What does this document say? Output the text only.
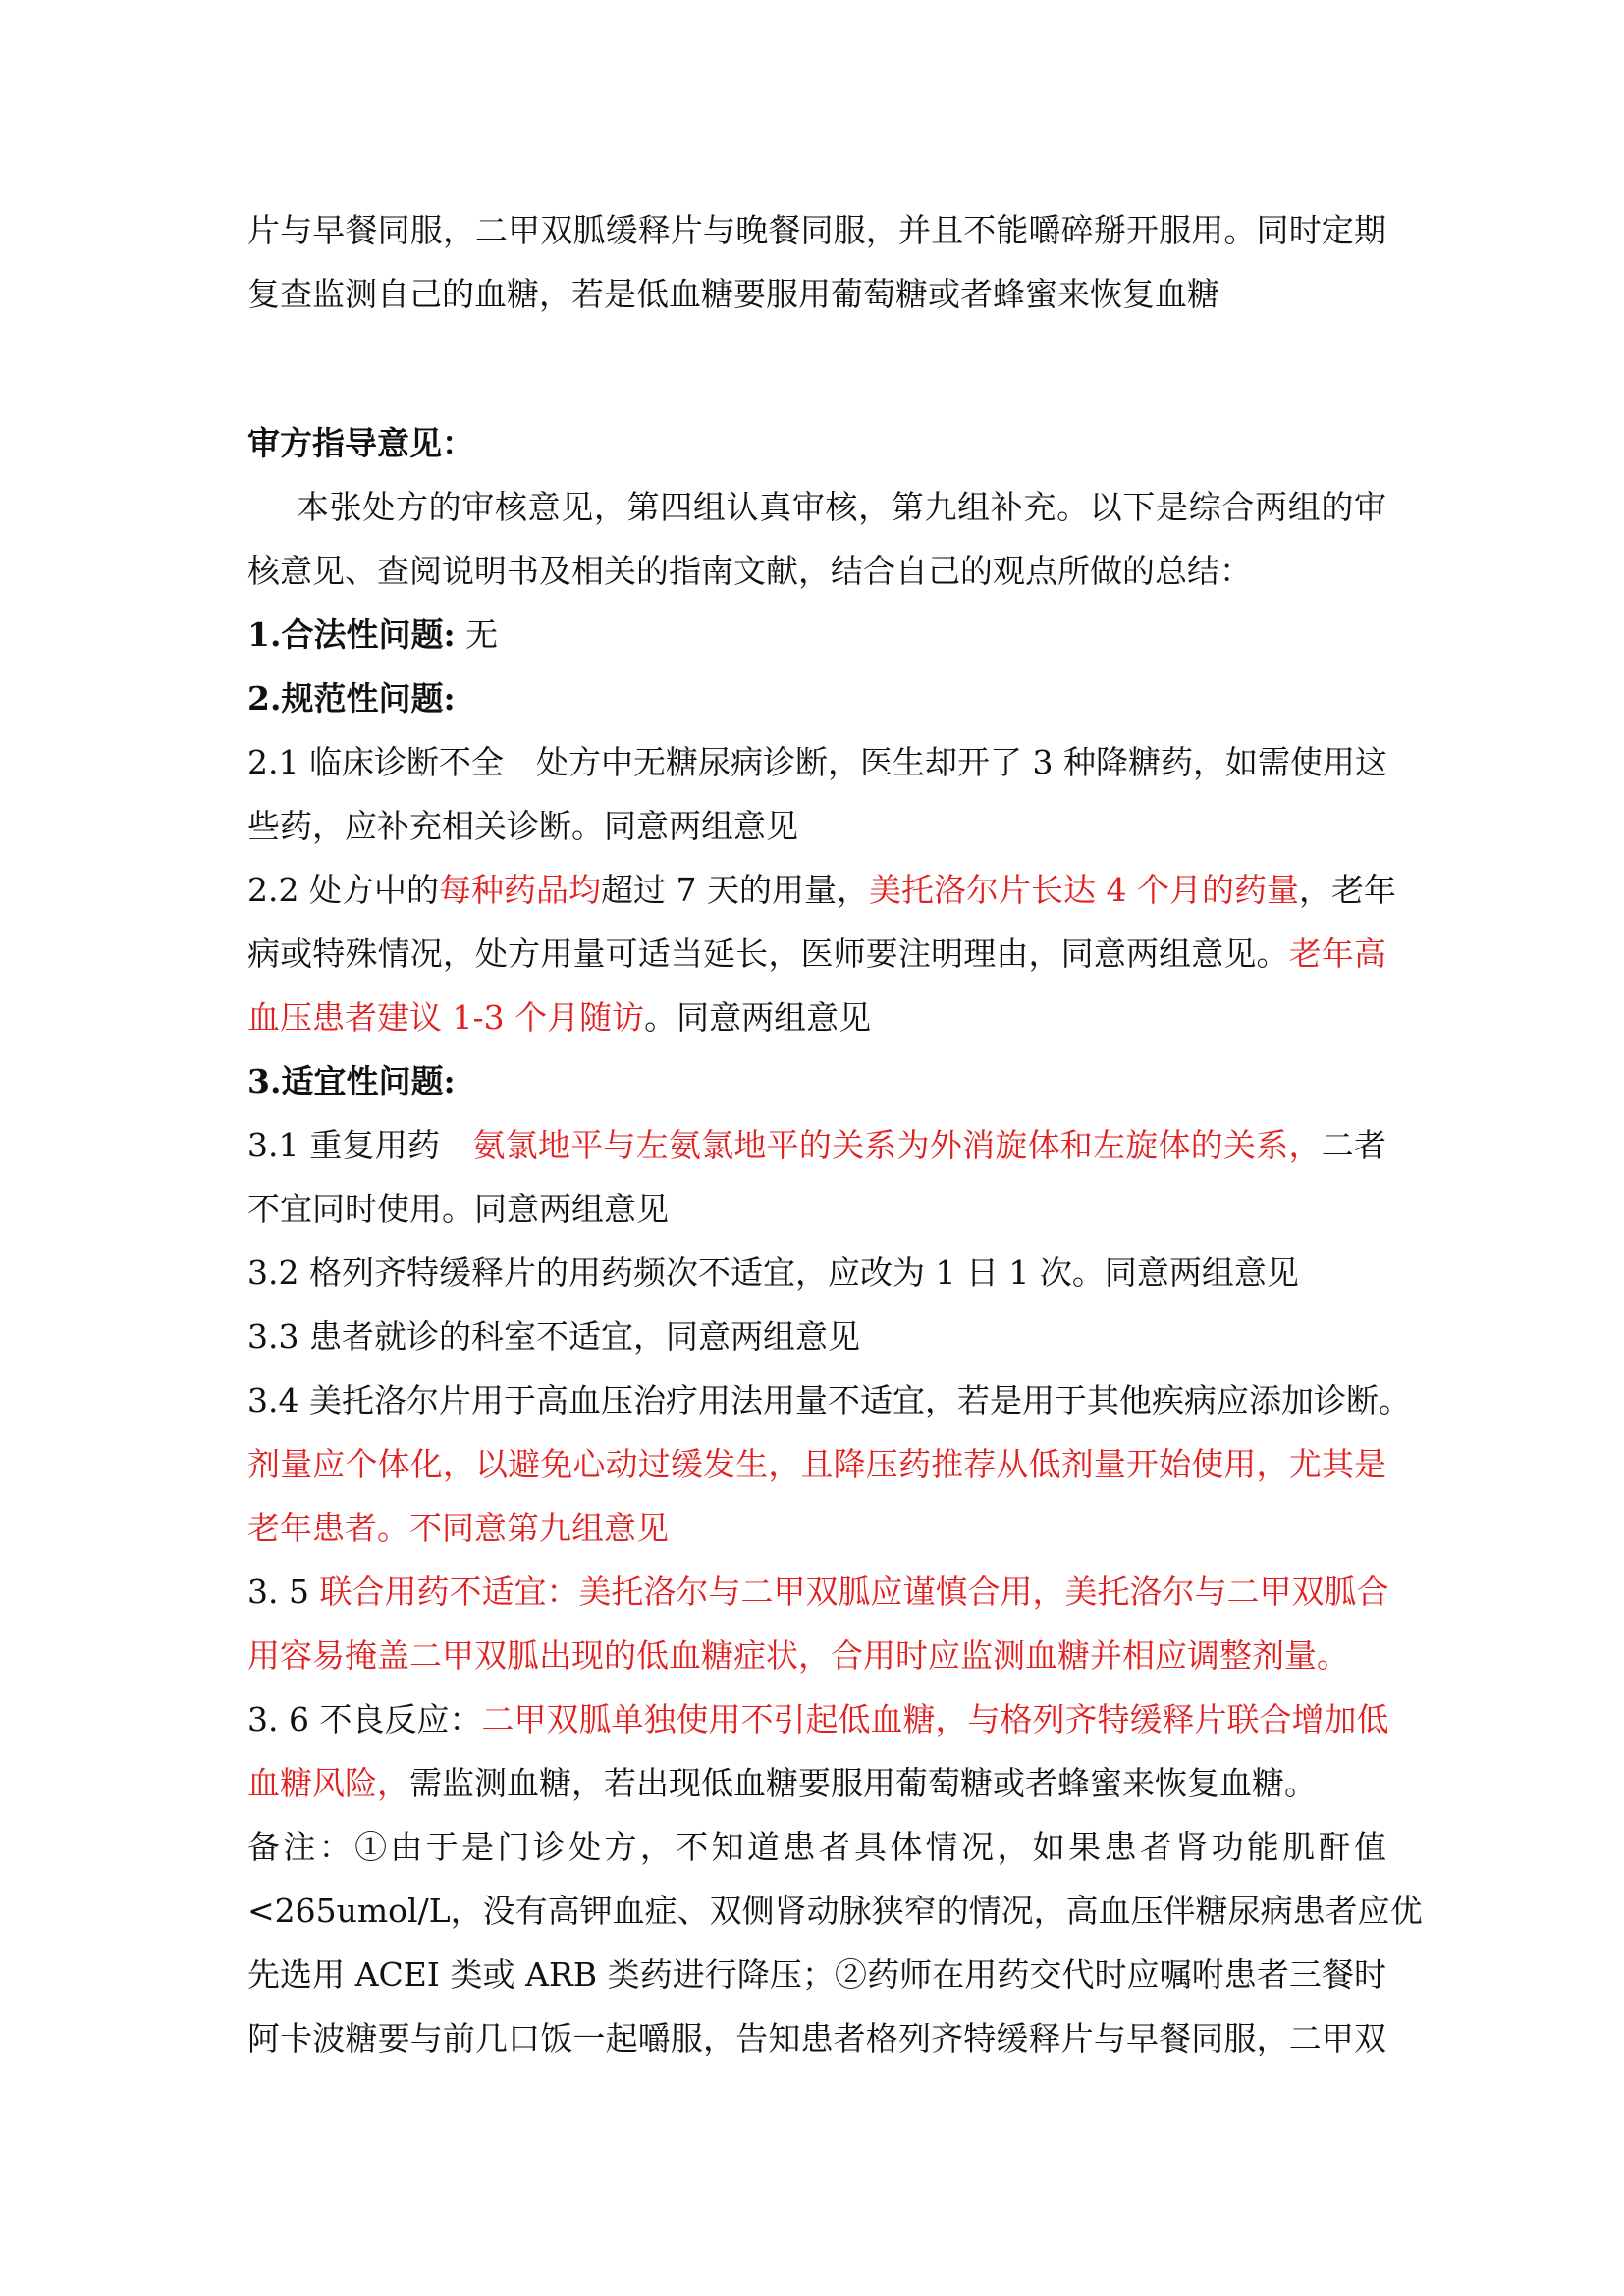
片与早餐同服，二甲双胍缓释片与晚餐同服，并且不能嚼碎掰开服用。同时定期
复查监测自己的血糖，若是低血糖要服用葡萄糖或者蜂蜜来恢复血糖
审方指导意见：
本张处方的审核意见，第四组认真审核，第九组补充。以下是综合两组的审
核意见、查阅说明书及相关的指南文献，结合自己的观点所做的总结：
1.合法性问题: 无
2.规范性问题:
2.1 临床诊断不全　处方中无糖尿病诊断，医生却开了 3 种降糖药，如需使用这
些药，应补充相关诊断。同意两组意见
2.2 处方中的每种药品均超过 7 天的用量，美托洛尔片长达 4 个月的药量，老年
病或特殊情况，处方用量可适当延长，医师要注明理由，同意两组意见。老年高
血压患者建议 1-3 个月随访。同意两组意见
3.适宜性问题:
3.1 重复用药　氨氯地平与左氨氯地平的关系为外消旋体和左旋体的关系，二者
不宜同时使用。同意两组意见
3.2 格列齐特缓释片的用药频次不适宜，应改为 1 日 1 次。同意两组意见
3.3 患者就诊的科室不适宜，同意两组意见
3.4 美托洛尔片用于高血压治疗用法用量不适宜，若是用于其他疾病应添加诊断。
剂量应个体化，以避免心动过缓发生，且降压药推荐从低剂量开始使用，尤其是
老年患者。不同意第九组意见
3. 5 联合用药不适宜：美托洛尔与二甲双胍应谨慎合用，美托洛尔与二甲双胍合
用容易掩盖二甲双胍出现的低血糖症状，合用时应监测血糖并相应调整剂量。
3. 6 不良反应：二甲双胍单独使用不引起低血糖，与格列齐特缓释片联合增加低
血糖风险，需监测血糖，若出现低血糖要服用葡萄糖或者蜂蜜来恢复血糖。
备注：①由于是门诊处方，不知道患者具体情况，如果患者肾功能肌酐值
<265umol/L，没有高钾血症、双侧肾动脉狭窄的情况，高血压伴糖尿病患者应优
先选用 ACEI 类或 ARB 类药进行降压；②药师在用药交代时应嘱咐患者三餐时
阿卡波糖要与前几口饭一起嚼服，告知患者格列齐特缓释片与早餐同服，二甲双
